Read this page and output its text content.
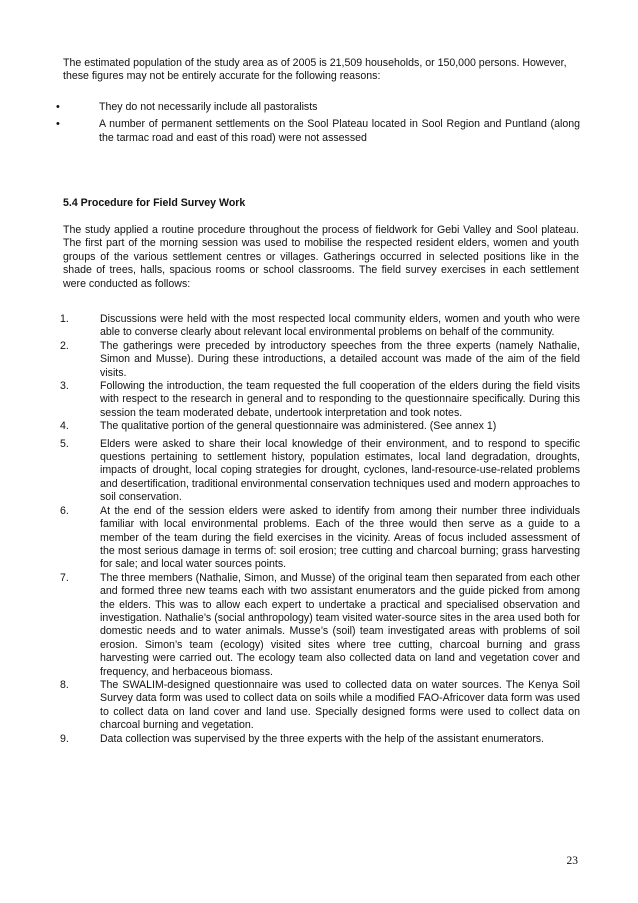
The estimated population of the study area as of 2005 is 21,509 households, or 150,000 persons. However, these figures may not be entirely accurate for the following reasons:

•	They do not necessarily include all pastoralists
•	A number of permanent settlements on the Sool Plateau located in Sool Region and Puntland (along the tarmac road and east of this road) were not assessed
5.4 Procedure for Field Survey Work

The study applied a routine procedure throughout the process of fieldwork for Gebi Valley and Sool plateau. The first part of the morning session was used to mobilise the respected resident elders, women and youth groups of the various settlement centres or villages. Gatherings occurred in selected positions like in the shade of trees, halls, spacious rooms or school classrooms. The field survey exercises in each settlement were conducted as follows:

1.	Discussions were held with the most respected local community elders, women and youth who were able to converse clearly about relevant local environmental problems on behalf of the community.
2.	The gatherings were preceded by introductory speeches from the three experts (namely Nathalie, Simon and Musse). During these introductions, a detailed account was made of the aim of the field visits.
3.	Following the introduction, the team requested the full cooperation of the elders during the field visits with respect to the research in general and to responding to the questionnaire specifically. During this session the team moderated debate, undertook interpretation and took notes.
4.	The qualitative portion of the general questionnaire was administered. (See annex 1)
5.	Elders were asked to share their local knowledge of their environment, and to respond to specific questions pertaining to settlement history, population estimates, local land degradation, droughts, impacts of drought, local coping strategies for drought, cyclones, land-resource-use-related problems and desertification, traditional environmental conservation techniques used and modern approaches to soil conservation.
6.	At the end of the session elders were asked to identify from among their number three individuals familiar with local environmental problems. Each of the three would then serve as a guide to a member of the team during the field exercises in the vicinity. Areas of focus included assessment of the most serious damage in terms of: soil erosion; tree cutting and charcoal burning; grass harvesting for sale; and local water sources points.
7.	The three members (Nathalie, Simon, and Musse) of the original team then separated from each other and formed three new teams each with two assistant enumerators and the guide picked from among the elders. This was to allow each expert to undertake a practical and specialised observation and investigation. Nathalie’s (social anthropology) team visited water-source sites in the area used both for domestic needs and to water animals. Musse’s (soil) team investigated areas with problems of soil erosion. Simon’s team (ecology) visited sites where tree cutting, charcoal burning and grass harvesting were carried out. The ecology team also collected data on land and vegetation cover and frequency, and herbaceous biomass.
8.	The SWALIM-designed questionnaire was used to collected data on water sources. The Kenya Soil Survey data form was used to collect data on soils while a modified FAO-Africover data form was used to collect data on land cover and land use. Specially designed forms were used to collect data on charcoal burning and vegetation.
9.	Data collection was supervised by the three experts with the help of the assistant enumerators.

23
